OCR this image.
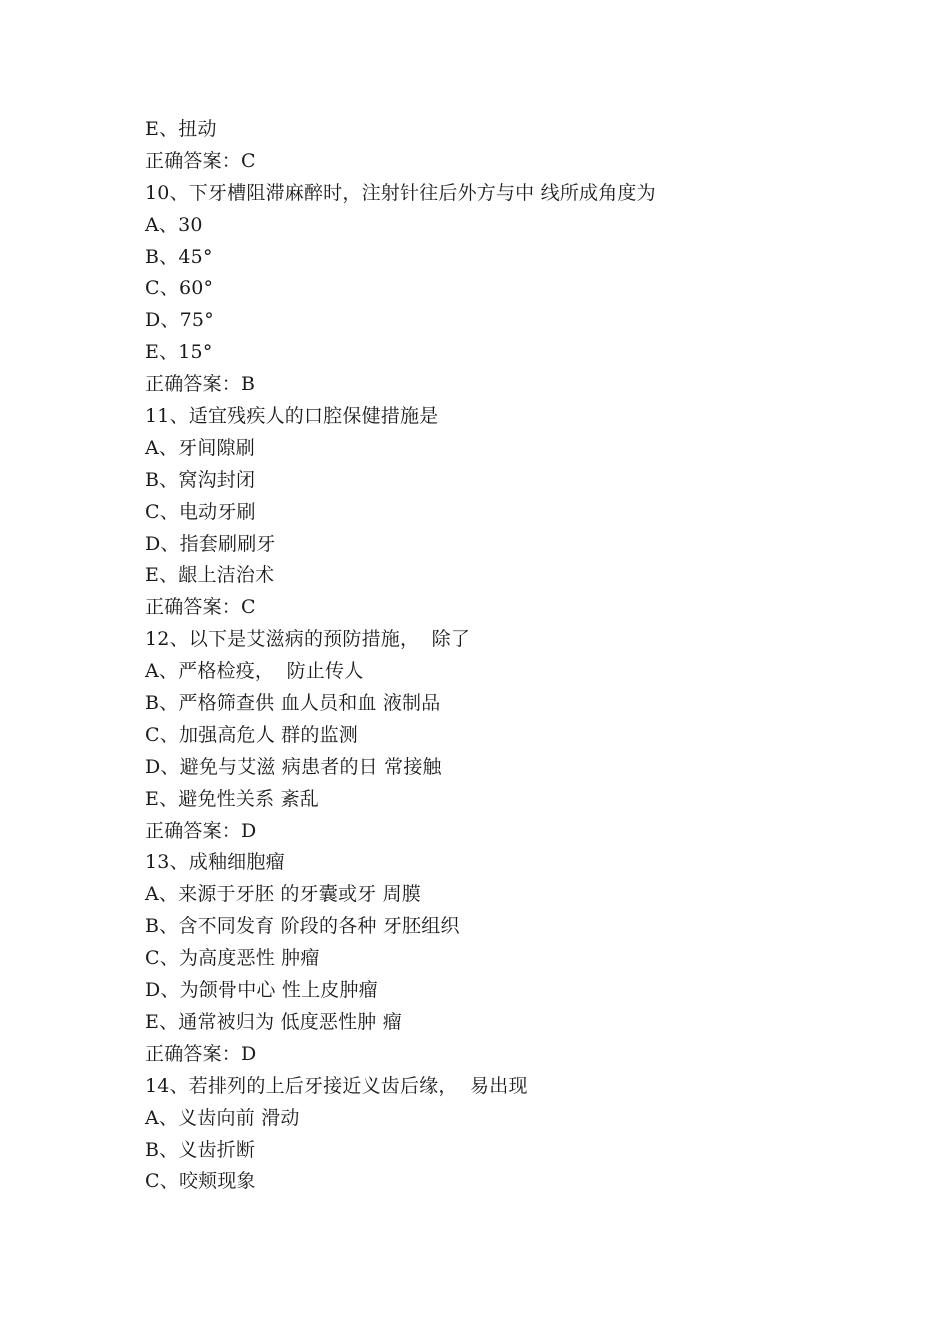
E、扭动
正确答案：C
10、下牙槽阻滞麻醉时，注射针往后外方与中 线所成角度为
A、30
B、45°
C、60°
D、75°
E、15°
正确答案：B
11、适宜残疾人的口腔保健措施是
A、牙间隙刷
B、窝沟封闭
C、电动牙刷
D、指套刷刷牙
E、龈上洁治术
正确答案：C
12、以下是艾滋病的预防措施，  除了
A、严格检疫，  防止传人
B、严格筛查供 血人员和血 液制品
C、加强高危人 群的监测
D、避免与艾滋 病患者的日 常接触
E、避免性关系 紊乱
正确答案：D
13、成釉细胞瘤
A、来源于牙胚 的牙囊或牙 周膜
B、含不同发育 阶段的各种 牙胚组织
C、为高度恶性 肿瘤
D、为颌骨中心 性上皮肿瘤
E、通常被归为 低度恶性肿 瘤
正确答案：D
14、若排列的上后牙接近义齿后缘，  易出现
A、义齿向前 滑动
B、义齿折断
C、咬颊现象
